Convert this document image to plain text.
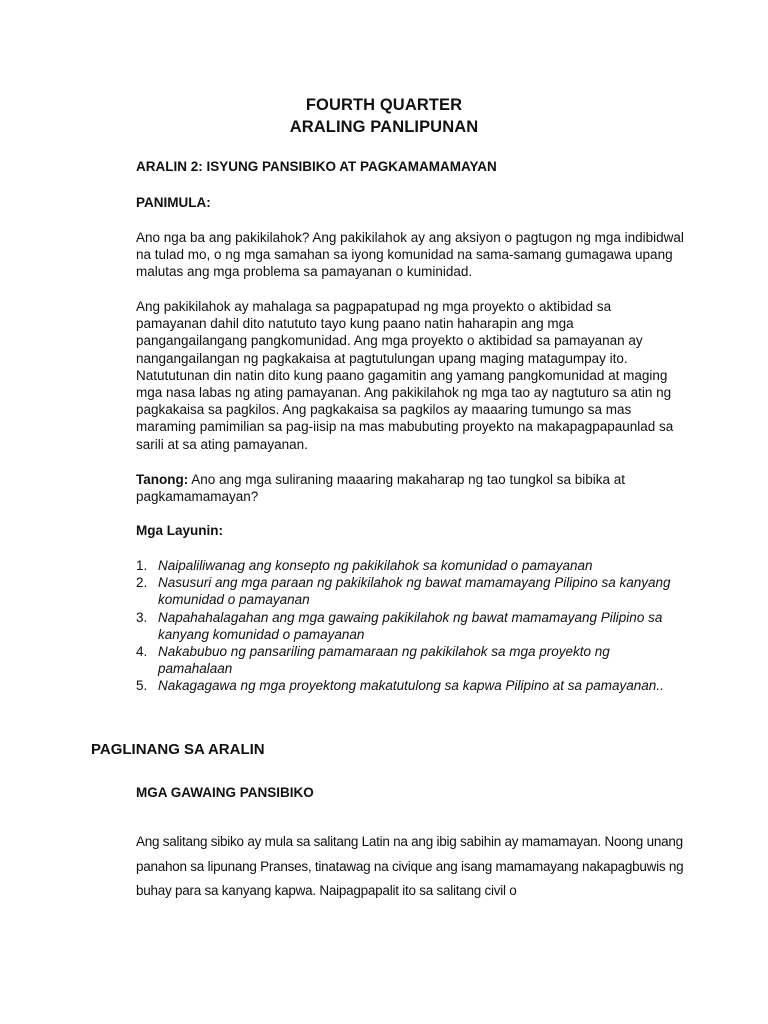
FOURTH QUARTER
ARALING PANLIPUNAN
ARALIN 2: ISYUNG PANSIBIKO AT PAGKAMAMAMAYAN
PANIMULA:
Ano nga ba ang pakikilahok? Ang pakikilahok ay ang aksiyon o pagtugon ng mga indibidwal na tulad mo, o ng mga samahan sa iyong komunidad na sama-samang gumagawa upang malutas ang mga problema sa pamayanan o kuminidad.
Ang pakikilahok ay mahalaga sa pagpapatupad ng mga proyekto o aktibidad sa pamayanan dahil dito natututo tayo kung paano natin haharapin ang mga pangangailangang pangkomunidad. Ang mga proyekto o aktibidad sa pamayanan ay nangangailangan ng pagkakaisa at pagtutulungan upang maging matagumpay ito. Natututunan din natin dito kung paano gagamitin ang yamang pangkomunidad at maging mga nasa labas ng ating pamayanan. Ang pakikilahok ng mga tao ay nagtuturo sa atin ng pagkakaisa sa pagkilos. Ang pagkakaisa sa pagkilos ay maaaring tumungo sa mas maraming pamimilian sa pag-iisip na mas mabubuting proyekto na makapagpapaunlad sa sarili at sa ating pamayanan.
Tanong: Ano ang mga suliraning maaaring makaharap ng tao tungkol sa bibika at pagkamamamayan?
Mga Layunin:
1. Naipaliliwanag ang konsepto ng pakikilahok sa komunidad o pamayanan
2. Nasusuri ang mga paraan ng pakikilahok ng bawat mamamayang Pilipino sa kanyang komunidad o pamayanan
3. Napahahalagahan ang mga gawaing pakikilahok ng bawat mamamayang Pilipino sa kanyang komunidad o pamayanan
4. Nakabubuo ng pansariling pamamaraan ng pakikilahok sa mga proyekto ng pamahalaan
5. Nakagagawa ng mga proyektong makatutulong sa kapwa Pilipino at sa pamayanan..
PAGLINANG SA ARALIN
MGA GAWAING PANSIBIKO
Ang salitang sibiko ay mula sa salitang Latin na ang ibig sabihin ay mamamayan. Noong unang panahon sa lipunang Pranses, tinatawag na civique ang isang mamamayang nakapagbuwis ng buhay para sa kanyang kapwa. Naipagpapalit ito sa salitang civil o
